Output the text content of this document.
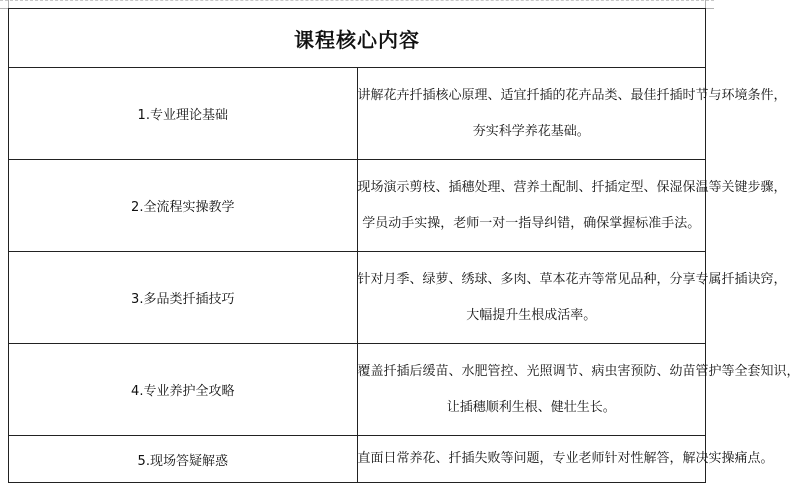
课程核心内容	
1.专业理论基础	讲解花卉扦插核心原理、适宜扦插的花卉品类、最佳扦插时节与环境条件，
夯实科学养花基础。

2.全流程实操教学	现场演示剪枝、插穗处理、营养土配制、扦插定型、保湿保温等关键步骤，
学员动手实操，老师一对一指导纠错，确保掌握标准手法。

3.多品类扦插技巧	针对月季、绿萝、绣球、多肉、草本花卉等常见品种，分享专属扦插诀窍，
大幅提升生根成活率。

4.专业养护全攻略	覆盖扦插后缓苗、水肥管控、光照调节、病虫害预防、幼苗管护等全套知识，
让插穗顺利生根、健壮生长。

5.现场答疑解惑	直面日常养花、扦插失败等问题，专业老师针对性解答，解决实操痛点。
